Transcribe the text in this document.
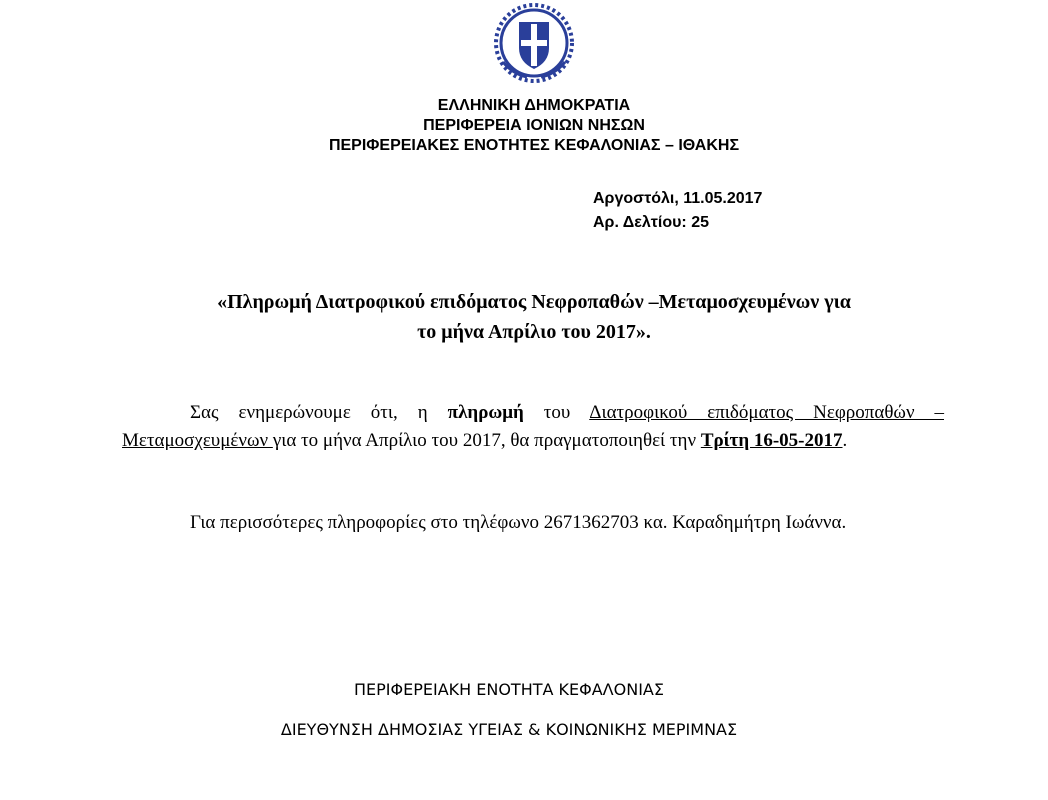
ΕΛΛΗΝΙΚΗ ΔΗΜΟΚΡΑΤΙΑ
ΠΕΡΙΦΕΡΕΙΑ ΙΟΝΙΩΝ ΝΗΣΩΝ
ΠΕΡΙΦΕΡΕΙΑΚΕΣ ΕΝΟΤΗΤΕΣ ΚΕΦΑΛΟΝΙΑΣ – ΙΘΑΚΗΣ
Αργοστόλι, 11.05.2017
Αρ. Δελτίου: 25
«Πληρωμή Διατροφικού επιδόματος Νεφροπαθών –Μεταμοσχευμένων για
το μήνα Απρίλιο του 2017».
Σας ενημερώνουμε ότι, η πληρωμή του Διατροφικού επιδόματος Νεφροπαθών –Μεταμοσχευμένων για το μήνα Απρίλιο του 2017, θα πραγματοποιηθεί την Τρίτη 16-05-2017.
Για περισσότερες πληροφορίες στο τηλέφωνο 2671362703 κα. Καραδημήτρη Ιωάννα.
ΠΕΡΙΦΕΡΕΙΑΚΗ ΕΝΟΤΗΤΑ ΚΕΦΑΛΟΝΙΑΣ
ΔΙΕΥΘΥΝΣΗ ΔΗΜΟΣΙΑΣ ΥΓΕΙΑΣ & ΚΟΙΝΩΝΙΚΗΣ ΜΕΡΙΜΝΑΣ
